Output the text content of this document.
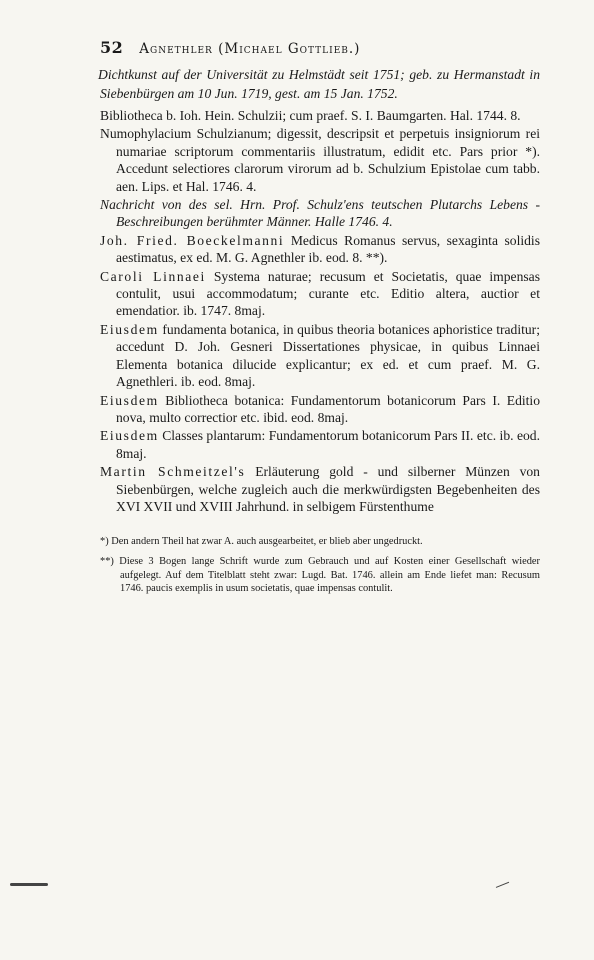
52 Agnethler (Michael Gottlieb.)

Dichtkunst auf der Universität zu Helmstädt seit 1751; geb. zu Hermanstadt in Siebenbürgen am 10 Jun. 1719, gest. am 15 Jan. 1752.

Bibliotheca b. Ioh. Hein. Schulzii; cum praef. S. I. Baumgarten. Hal. 1744. 8.

Numophylacium Schulzianum; digessit, descripsit et perpetuis insigniorum rei numariae scriptorum commentariis illustratum, edidit etc. Pars prior *). Accedunt selectiores clarorum virorum ad b. Schulzium Epistolae cum tabb. aen. Lips. et Hal. 1746. 4.

Nachricht von des sel. Hrn. Prof. Schulz'ens teutschen Plutarchs Lebens - Beschreibungen berühmter Männer. Halle 1746. 4.

Joh. Fried. Boeckelmanni Medicus Romanus servus, sexaginta solidis aestimatus, ex ed. M. G. Agnethler ib. eod. 8. **).

Caroli Linnaei Systema naturae; recusum et Societatis, quae impensas contulit, usui accommodatum; curante etc. Editio altera, auctior et emendatior. ib. 1747. 8maj.

Eiusdem fundamenta botanica, in quibus theoria botanices aphoristice traditur; accedunt D. Joh. Gesneri Dissertationes physicae, in quibus Linnaei Elementa botanica dilucide explicantur; ex ed. et cum praef. M. G. Agnethleri. ib. eod. 8maj.

Eiusdem Bibliotheca botanica: Fundamentorum botanicorum Pars I. Editio nova, multo correctior etc. ibid. eod. 8maj.

Eiusdem Classes plantarum: Fundamentorum botanicorum Pars II. etc. ib. eod. 8maj.

Martin Schmeitzel's Erläuterung gold - und silberner Münzen von Siebenbürgen, welche zugleich auch die merkwürdigsten Begebenheiten des XVI XVII und XVIII Jahrhund. in selbigem Fürstenthume

*) Den andern Theil hat zwar A. auch ausgearbeitet, er blieb aber ungedruckt.

**) Diese 3 Bogen lange Schrift wurde zum Gebrauch und auf Kosten einer Gesellschaft wieder aufgelegt. Auf dem Titelblatt steht zwar: Lugd. Bat. 1746. allein am Ende liefet man: Recusum 1746. paucis exemplis in usum societatis, quae impensas contulit.
